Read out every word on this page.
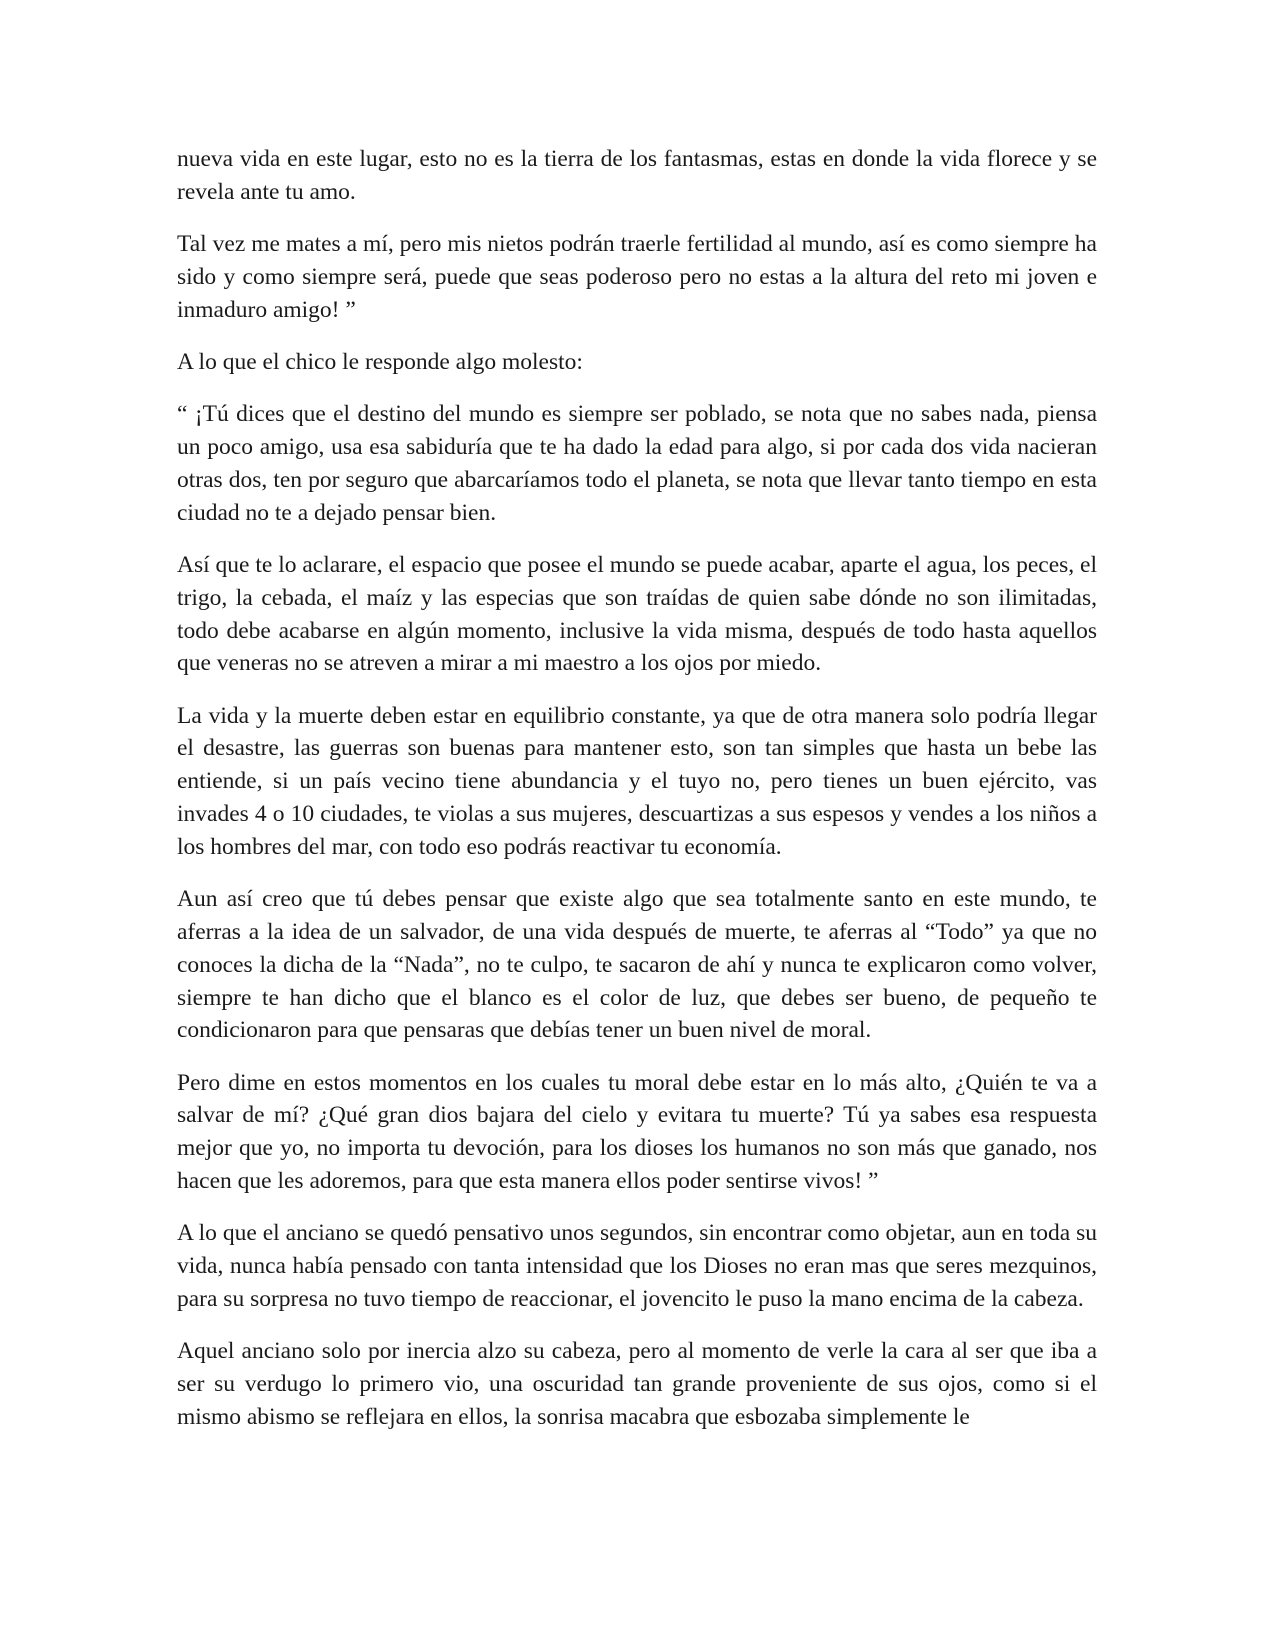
nueva vida en este lugar, esto no es la tierra de los fantasmas, estas en donde la vida florece y se revela ante tu amo.

Tal vez me mates a mí, pero mis nietos podrán traerle fertilidad al mundo, así es como siempre ha sido y como siempre será, puede que seas poderoso pero no estas a la altura del reto mi joven e inmaduro amigo! ”

A lo que el chico le responde algo molesto:

“ ¡Tú dices que el destino del mundo es siempre ser poblado, se nota que no sabes nada, piensa un poco amigo, usa esa sabiduría que te ha dado la edad para algo, si por cada dos vida nacieran otras dos, ten por seguro que abarcaríamos todo el planeta, se nota que llevar tanto tiempo en esta ciudad no te a dejado pensar bien.

Así que te lo aclarare, el espacio que posee el mundo se puede acabar, aparte el agua, los peces, el trigo, la cebada, el maíz y las especias que son traídas de quien sabe dónde no son ilimitadas, todo debe acabarse en algún momento, inclusive la vida misma, después de todo hasta aquellos que veneras no se atreven a mirar a mi maestro a los ojos por miedo.

La vida y la muerte deben estar en equilibrio constante, ya que de otra manera solo podría llegar el desastre, las guerras son buenas para mantener esto, son tan simples que hasta un bebe las entiende, si un país vecino tiene abundancia y el tuyo no, pero tienes un buen ejército, vas invades 4 o 10 ciudades, te violas a sus mujeres, descuartizas a sus espesos y vendes a los niños a los hombres del mar, con todo eso podrás reactivar tu economía.

Aun así creo que tú debes pensar que existe algo que sea totalmente santo en este mundo, te aferras a la idea de un salvador, de una vida después de muerte, te aferras al “Todo” ya que no conoces la dicha de la “Nada”, no te culpo, te sacaron de ahí y nunca te explicaron como volver, siempre te han dicho que el blanco es el color de luz, que debes ser bueno, de pequeño te condicionaron para que pensaras que debías tener un buen nivel de moral.

Pero dime en estos momentos en los cuales tu moral debe estar en lo más alto, ¿Quién te va a salvar de mí? ¿Qué gran dios bajara del cielo y evitara tu muerte? Tú ya sabes esa respuesta mejor que yo, no importa tu devoción, para los dioses los humanos no son más que ganado, nos hacen que les adoremos, para que esta manera ellos poder sentirse vivos! ”

A lo que el anciano se quedó pensativo unos segundos, sin encontrar como objetar, aun en toda su vida, nunca había pensado con tanta intensidad que los Dioses no eran mas que seres mezquinos, para su sorpresa no tuvo tiempo de reaccionar, el jovencito le puso la mano encima de la cabeza.

Aquel anciano solo por inercia alzo su cabeza, pero al momento de verle la cara al ser que iba a ser su verdugo lo primero vio, una oscuridad tan grande proveniente de sus ojos, como si el mismo abismo se reflejara en ellos, la sonrisa macabra que esbozaba simplemente le
